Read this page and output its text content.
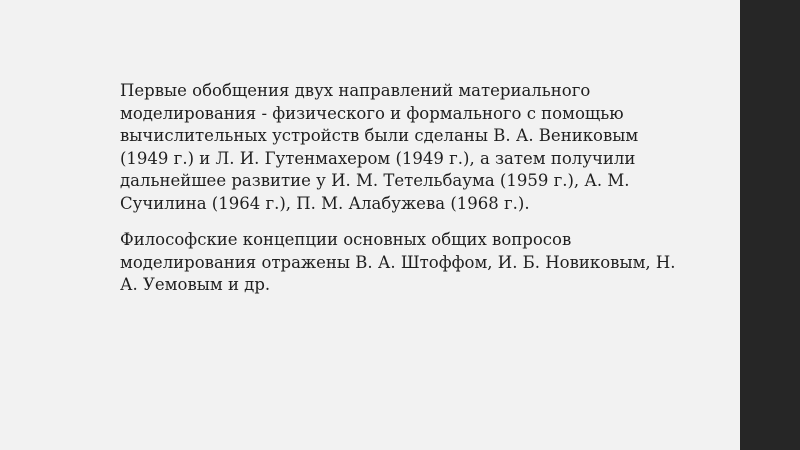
Первые обобщения двух направлений материального
моделирования - физического и формального с помощью
вычислительных устройств были сделаны В. А. Вениковым
(1949 г.) и Л. И. Гутенмахером (1949 г.), а затем получили
дальнейшее развитие у И. М. Тетельбаума (1959 г.), А. М.
Сучилина (1964 г.), П. М. Алабужева (1968 г.).

Философские концепции основных общих вопросов
моделирования отражены В. А. Штоффом, И. Б. Новиковым, Н.
А. Уемовым и др.
